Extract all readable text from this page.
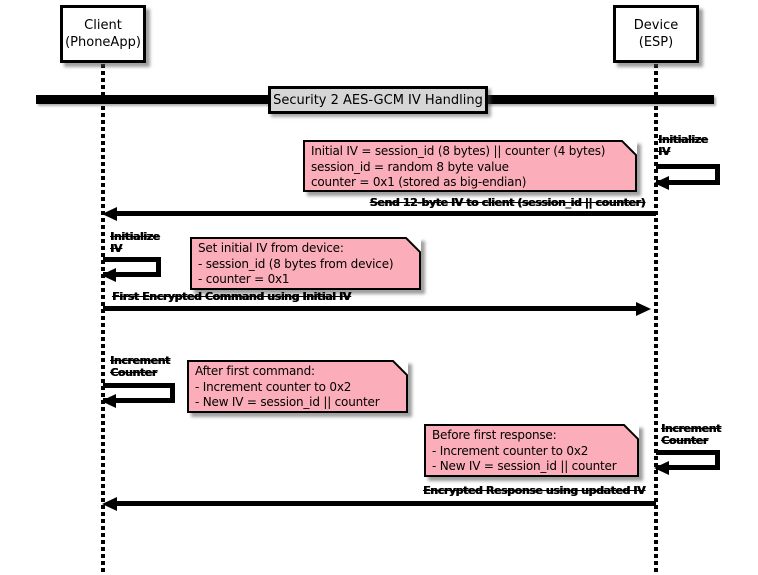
Client
(PhoneApp)
Device
(ESP)
Security 2 AES-GCM IV Handling
Initialize
IV
Initial IV = session_id (8 bytes) || counter (4 bytes)
session_id = random 8 byte value
counter = 0x1 (stored as big-endian)
Send 12-byte IV to client (session_id || counter)
Initialize
IV	Set initial IV from device:
- session_id (8 bytes from device)
- counter = 0x1
First Encrypted Command using Initial IV
Increment
Counter	After first command:
- Increment counter to 0x2
- New IV = session_id || counter
Before first response:
- Increment counter to 0x2
- New IV = session_id || counter
Increment
Counter
Encrypted Response using updated IV
